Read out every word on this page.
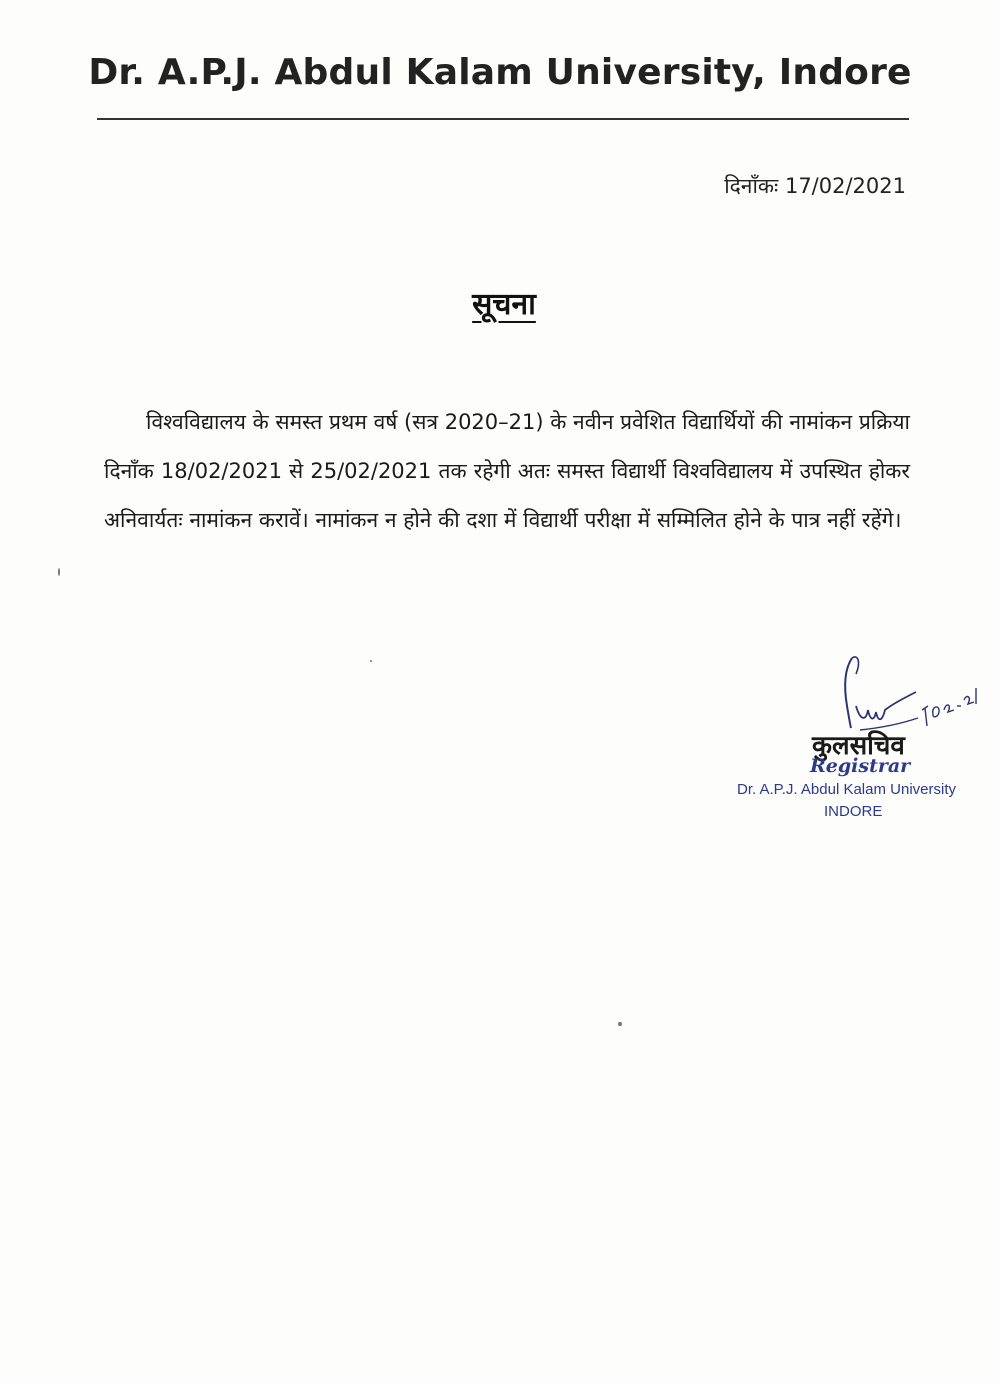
Dr. A.P.J. Abdul Kalam University, Indore
दिनाँकः 17/02/2021
सूचना

विश्वविद्यालय के समस्त प्रथम वर्ष (सत्र 2020–21) के नवीन प्रवेशित विद्यार्थियों की नामांकन प्रक्रिया दिनाँक 18/02/2021 से 25/02/2021 तक रहेगी अतः समस्त विद्यार्थी विश्वविद्यालय में उपस्थित होकर अनिवार्यतः नामांकन करावें। नामांकन न होने की दशा में विद्यार्थी परीक्षा में सम्मिलित होने के पात्र नहीं रहेंगे।

कुलसचिव
Registrar
Dr. A.P.J. Abdul Kalam University
INDORE
